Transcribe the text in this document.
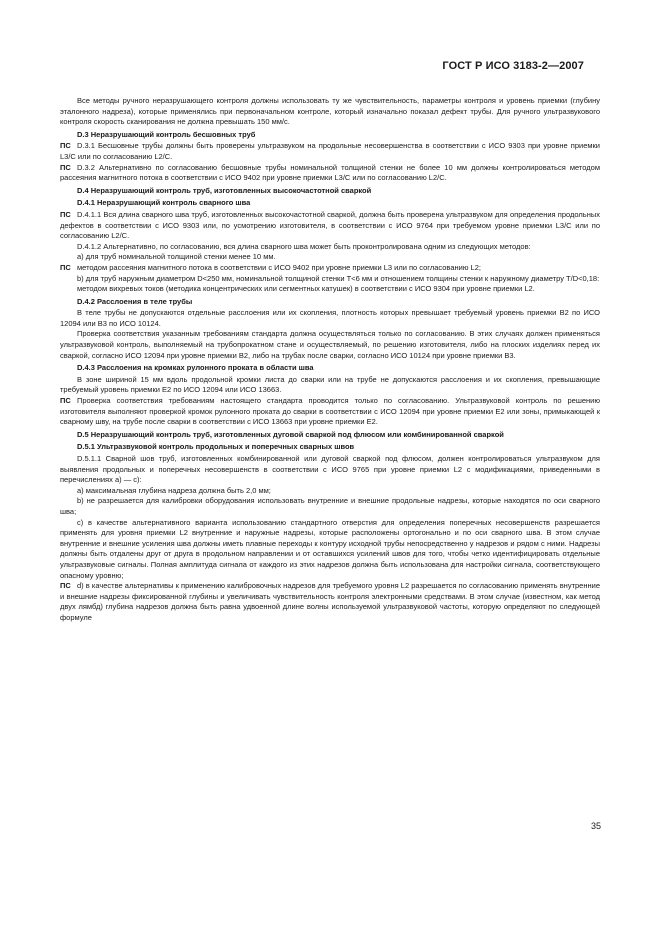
ГОСТ Р ИСО 3183-2—2007

Все методы ручного неразрушающего контроля должны использовать ту же чувствительность, параметры контроля и уровень приемки (глубину эталонного надреза), которые применялись при первоначальном контроле, который изначально показал дефект трубы. Для ручного ультразвукового контроля скорость сканирования не должна превышать 150 мм/с.

D.3 Неразрушающий контроль бесшовных труб

ПС D.3.1 Бесшовные трубы должны быть проверены ультразвуком на продольные несовершенства в соответствии с ИСО 9303 при уровне приемки L3/C или по согласованию L2/C.

ПС D.3.2 Альтернативно по согласованию бесшовные трубы номинальной толщиной стенки не более 10 мм должны контролироваться методом рассеяния магнитного потока в соответствии с ИСО 9402 при уровне приемки L3/C или по согласованию L2/C.

D.4 Неразрушающий контроль труб, изготовленных высокочастотной сваркой

D.4.1 Неразрушающий контроль сварного шва

ПС D.4.1.1 Вся длина сварного шва труб, изготовленных высокочастотной сваркой, должна быть проверена ультразвуком для определения продольных дефектов в соответствии с ИСО 9303 или, по усмотрению изготовителя, в соответствии с ИСО 9764 при требуемом уровне приемки L3/C или по согласованию L2/C.

D.4.1.2 Альтернативно, по согласованию, вся длина сварного шва может быть проконтролирована одним из следующих методов:

a) для труб номинальной толщиной стенки менее 10 мм.

ПС методом рассеяния магнитного потока в соответствии с ИСО 9402 при уровне приемки L3 или по согласованию L2;

b) для труб наружным диаметром D<250 мм, номинальной толщиной стенки T<6 мм и отношением толщины стенки к наружному диаметру T/D<0,18:

методом вихревых токов (методика концентрических или сегментных катушек) в соответствии с ИСО 9304 при уровне приемки L2.

D.4.2 Расслоения в теле трубы

В теле трубы не допускаются отдельные расслоения или их скопления, плотность которых превышает требуемый уровень приемки B2 по ИСО 12094 или B3 по ИСО 10124.

Проверка соответствия указанным требованиям стандарта должна осуществляться только по согласованию. В этих случаях должен применяться ультразвуковой контроль, выполняемый на трубопрокатном стане и осуществляемый, по решению изготовителя, либо на плоских изделиях перед их сваркой, согласно ИСО 12094 при уровне приемки B2, либо на трубах после сварки, согласно ИСО 10124 при уровне приемки B3.

D.4.3 Расслоения на кромках рулонного проката в области шва

В зоне шириной 15 мм вдоль продольной кромки листа до сварки или на трубе не допускаются расслоения и их скопления, превышающие требуемый уровень приемки E2 по ИСО 12094 или ИСО 13663.

ПС Проверка соответствия требованиям настоящего стандарта проводится только по согласованию. Ультразвуковой контроль по решению изготовителя выполняют проверкой кромок рулонного проката до сварки в соответствии с ИСО 12094 при уровне приемки E2 или зоны, примыкающей к сварному шву, на трубе после сварки в соответствии с ИСО 13663 при уровне приемки E2.

D.5 Неразрушающий контроль труб, изготовленных дуговой сваркой под флюсом или комбинированной сваркой

D.5.1 Ультразвуковой контроль продольных и поперечных сварных швов

D.5.1.1 Сварной шов труб, изготовленных комбинированной или дуговой сваркой под флюсом, должен контролироваться ультразвуком для выявления продольных и поперечных несовершенств в соответствии с ИСО 9765 при уровне приемки L2 с модификациями, приведенными в перечислениях a) — c):

a) максимальная глубина надреза должна быть 2,0 мм;

b) не разрешается для калибровки оборудования использовать внутренние и внешние продольные надрезы, которые находятся по оси сварного шва;

c) в качестве альтернативного варианта использованию стандартного отверстия для определения поперечных несовершенств разрешается применять для уровня приемки L2 внутренние и наружные надрезы, которые расположены ортогонально и по оси сварного шва. В этом случае внутренние и внешние усиления шва должны иметь плавные переходы к контуру исходной трубы непосредственно у надрезов и рядом с ними. Надрезы должны быть отдалены друг от друга в продольном направлении и от оставшихся усилений швов для того, чтобы четко идентифицировать отдельные ультразвуковые сигналы. Полная амплитуда сигнала от каждого из этих надрезов должна быть использована для настройки сигнала, соответствующего опасному уровню;

ПС d) в качестве альтернативы к применению калибровочных надрезов для требуемого уровня L2 разрешается по согласованию применять внутренние и внешние надрезы фиксированной глубины и увеличивать чувствительность контроля электронными средствами. В этом случае (известном, как метод двух лямбд) глубина надрезов должна быть равна удвоенной длине волны используемой ультразвуковой частоты, которую определяют по следующей формуле

35
